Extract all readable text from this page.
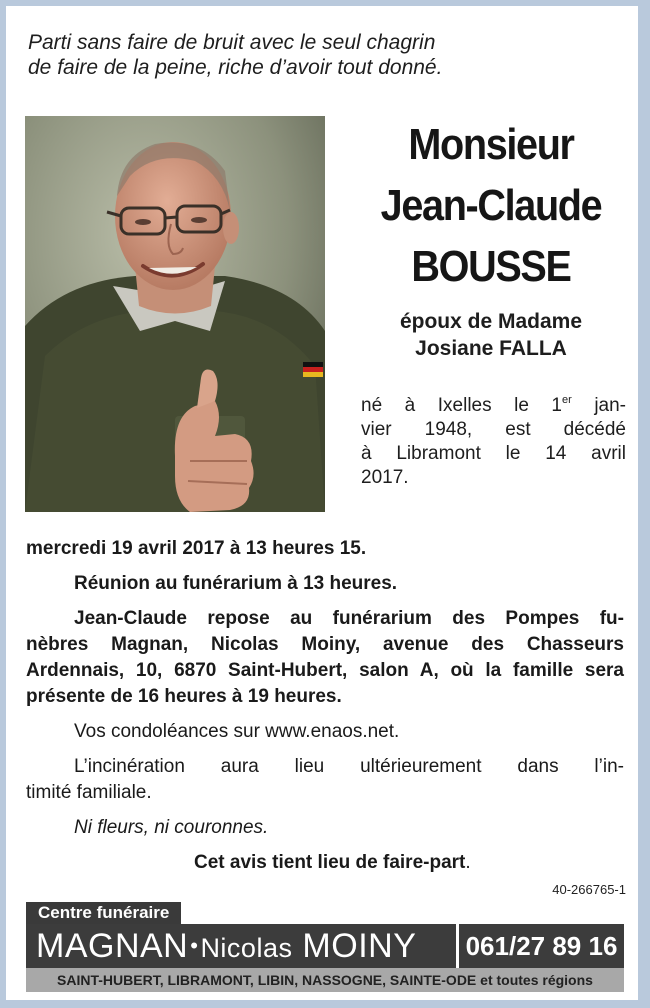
Parti sans faire de bruit avec le seul chagrin
de faire de la peine, riche d’avoir tout donné.
Monsieur
Jean-Claude
BOUSSE
époux de Madame
Josiane FALLA
né à Ixelles le 1er jan-
vier 1948, est décédé
à Libramont le 14 avril
2017.
mercredi 19 avril 2017 à 13 heures 15.
Réunion au funérarium à 13 heures.
Jean-Claude repose au funérarium des Pompes fu-
nèbres Magnan, Nicolas Moiny, avenue des Chasseurs
Ardennais, 10, 6870 Saint-Hubert, salon A, où la famille sera
présente de 16 heures à 19 heures.
Vos condoléances sur www.enaos.net.
L’incinération aura lieu ultérieurement dans l’in-
timité familiale.
Ni fleurs, ni couronnes.
Cet avis tient lieu de faire-part.
40-266765-1
Centre funéraire
MAGNAN•Nicolas MOINY	061/27 89 16
SAINT-HUBERT, LIBRAMONT, LIBIN, NASSOGNE, SAINTE-ODE et toutes régions
